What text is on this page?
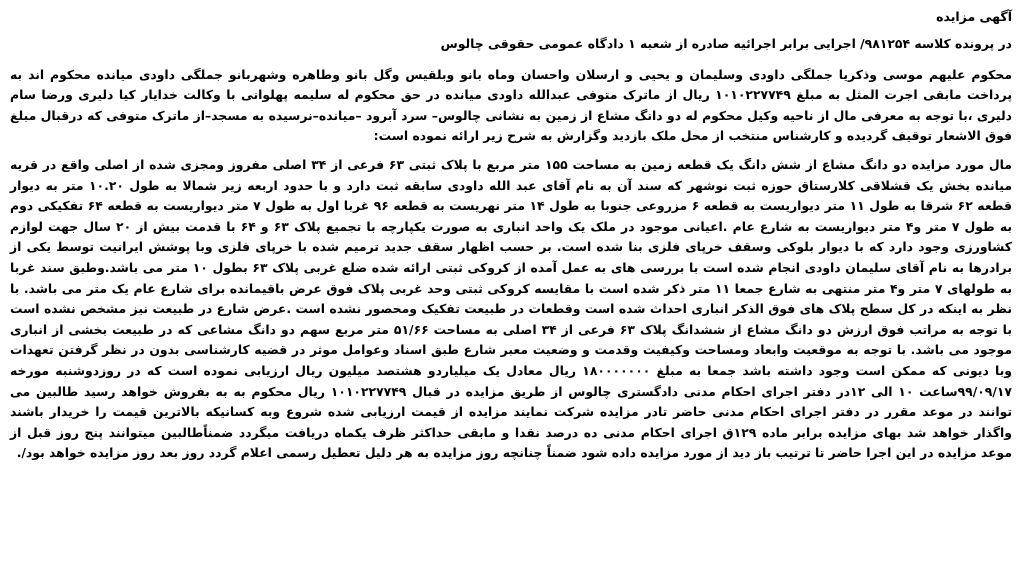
آگهی مزایده

در پرونده کلاسه ۹۸۱۲۵۴/ اجرایی برابر اجرائیه صادره از شعبه ۱ دادگاه عمومی حقوقی چالوس

محکوم علیهم موسی وذکریا جملگی داودی وسلیمان و یحیی و ارسلان واحسان وماه بانو وبلقیس وگل بانو وطاهره وشهربانو جملگی داودی میانده محکوم اند به پرداخت مابقی اجرت المثل به مبلغ ۱۰۱۰۲۲۷۷۴۹ ریال از ماترک متوفی عبدالله داودی میانده در حق محکوم له سلیمه پهلوانی با وکالت خدایار کیا دلیری ورضا سام دلیری ،با توجه به معرفی مال از ناحیه وکیل محکوم له دو دانگ مشاع از زمین به نشانی چالوس– سرد آبرود –میانده–نرسیده به مسجد–از ماترک متوفی که درقبال مبلغ فوق الاشعار توقیف گردیده و کارشناس منتخب از محل ملک بازدید وگزارش به شرح زیر ارائه نموده است:

مال مورد مزایده دو دانگ مشاع از شش دانگ یک قطعه زمین به مساحت ۱۵۵ متر مربع با پلاک ثبتی ۶۳ فرعی از ۳۴ اصلی مفروز ومجزی شده از اصلی واقع در قریه میانده بخش یک قشلاقی کلارستاق حوزه ثبت نوشهر که سند آن به نام آقای عبد الله داودی سابقه ثبت دارد و با حدود اربعه زیر شمالا به طول ۱۰.۲۰ متر به دیوار قطعه ۶۲ شرقا به طول ۱۱ متر دیواریست به قطعه ۶ مزروعی جنوبا به طول ۱۴ متر نهریست به قطعه ۹۶ غربا اول به طول ۷ متر دیواریست به قطعه ۶۴ تفکیکی دوم به طول ۷ متر و۴ متر دیواریست به شارع عام .اعیانی موجود در ملک یک واحد انباری به صورت یکپارچه با تجمیع پلاک ۶۳ و ۶۴ با قدمت بیش از ۲۰ سال جهت لوازم کشاورزی وجود دارد که با دیوار بلوکی وسقف خرپای فلزی بنا شده است. بر حسب اظهار سقف جدید ترمیم شده با خرپای فلزی وبا پوشش ایرانیت توسط یکی از برادرها به نام آقای سلیمان داودی انجام شده است با بررسی های به عمل آمده از کروکی ثبتی ارائه شده ضلع غربی پلاک ۶۳ بطول ۱۰ متر می باشد.وطبق سند غربا به طولهای ۷ متر و۴ متر منتهی به شارع جمعا ۱۱ متر ذکر شده است با مقایسه کروکی ثبتی وحد غربی پلاک فوق عرض باقیمانده برای شارع عام یک متر می باشد. با نظر به اینکه در کل سطح پلاک های فوق الذکر انباری احداث شده است وقطعات در طبیعت تفکیک ومحصور نشده است .عرض شارع در طبیعت نیز مشخص نشده است با توجه به مراتب فوق ارزش دو دانگ مشاع از ششدانگ پلاک ۶۳ فرعی از ۳۴ اصلی به مساحت ۵۱/۶۶ متر مربع سهم دو دانگ مشاعی که در طبیعت بخشی از انباری موجود می باشد. با توجه به موقعیت وابعاد ومساحت وکیفیت وقدمت و وضعیت معبر شارع طبق اسناد وعوامل موثر در قضیه کارشناسی بدون در نظر گرفتن تعهدات وبا دیونی که ممکن است وجود داشته باشد جمعا به مبلغ ۱۸۰۰۰۰۰۰۰ ریال معادل یک میلیاردو هشتصد میلیون ریال ارزیابی نموده است که در روزدوشنبه مورخه ۹۹/۰۹/۱۷ساعت ۱۰ الی ۱۲در دفتر اجرای احکام مدنی دادگستری چالوس از طریق مزایده در قبال ۱۰۱۰۲۲۷۷۴۹ ریال محکوم به به بفروش خواهد رسید طالبین می توانند در موعد مقرر در دفتر اجرای احکام مدنی حاضر تادر مزایده شرکت نمایند مزایده از قیمت ارزیابی شده شروع وبه کسانیکه بالاترین قیمت را خریدار باشند واگذار خواهد شد بهای مزایده برابر ماده ۱۲۹ق اجرای احکام مدنی ده درصد نقدا و مابقی حداکثر ظرف یکماه دریافت میگردد ضمناًطالبین میتوانند پنج روز قبل از موعد مزایده در این اجرا حاضر تا ترتیب باز دید از مورد مزایده داده شود ضمناً چنانچه روز مزایده به هر دلیل تعطیل رسمی اعلام گردد روز بعد روز مزایده خواهد بود/.
